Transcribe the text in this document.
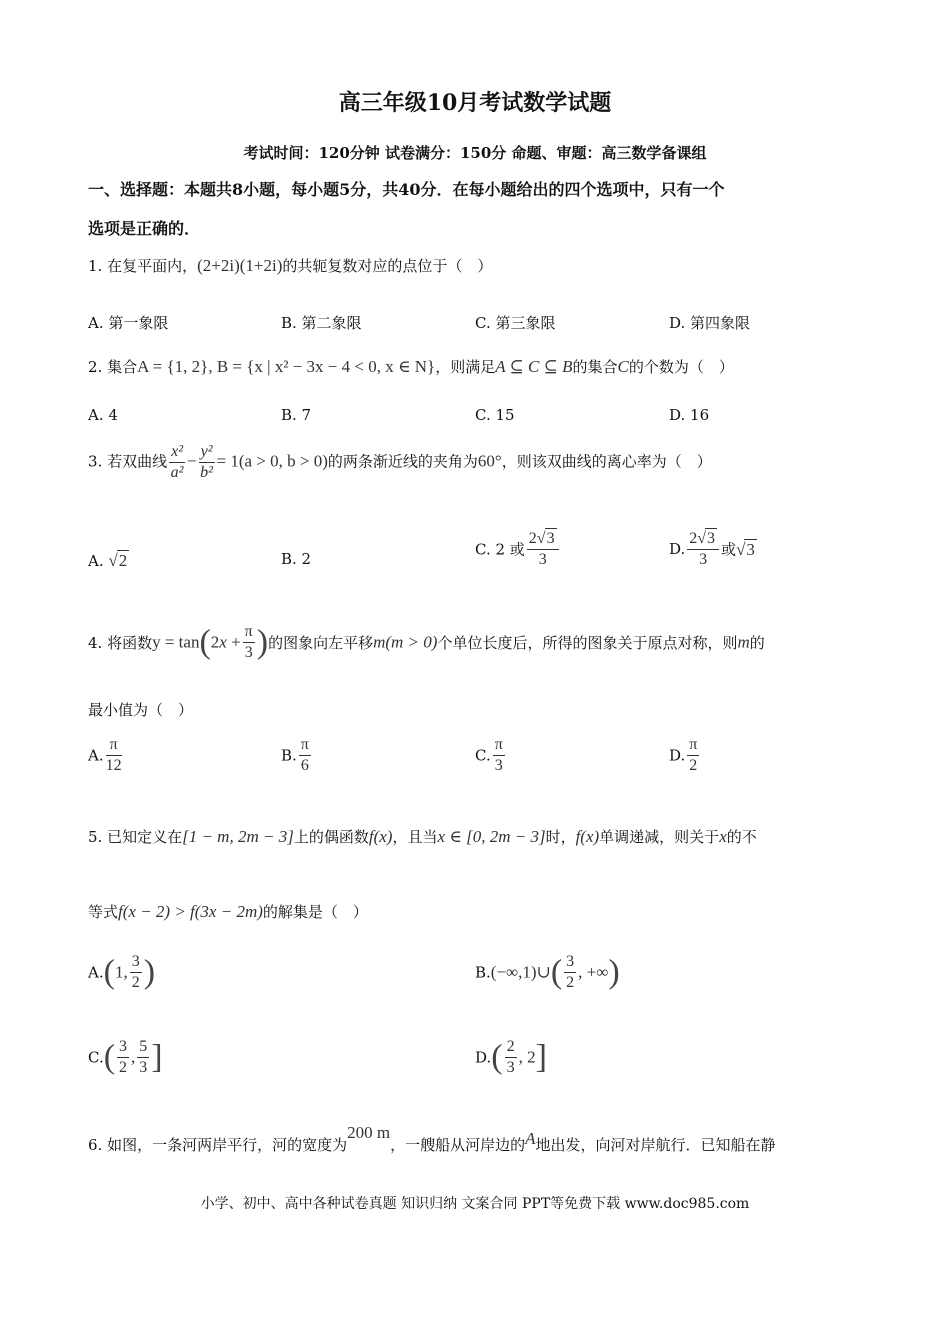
高三年级10月考试数学试题
考试时间：120分钟 试卷满分：150分 命题、审题：高三数学备课组
一、选择题：本题共8小题，每小题5分，共40分．在每小题给出的四个选项中，只有一个
选项是正确的．
1. 在复平面内，(2+2i)(1+2i)的共轭复数对应的点位于（　）
A. 第一象限	B. 第二象限	C. 第三象限	D. 第四象限
2. 集合A = {1, 2}, B = {x | x² − 3x − 4 < 0, x ∈ N}，则满足A ⊆ C ⊆ B的集合C的个数为（　）
A. 4	B. 7	C. 15	D. 16
3. 若双曲线 $\frac{\text{x²}}{\text{a²}} - \frac{\text{y²}}{\text{b²}} = 1(a > 0$, b > 0)的两条渐近线的夹角为60°，则该双曲线的离心率为（　）
A. √2	B. 2
C. 2 或 $\frac{2√3}{3}$	D. $\frac{2√3}{3}$ 或√3
4. 将函数$y = \tan(2x + \frac{\pi}{3}$ )的图象向左平移m(m > 0)个单位长度后，所得的图象关于原点对称，则m的
最小值为（　）
A. $\frac{\pi}{12}$	B. $\frac{\pi}{6}$	C. $\frac{\pi}{3}$	D. $\frac{\pi}{2}$
5. 已知定义在[1 − m, 2m − 3]上的偶函数f(x)，且当x ∈ [0, 2m − 3]时，f(x)单调递减，则关于x的不
等式f(x − 2) > f(3x − 2m)的解集是（　）
A.(1, $\frac{3}{2}$ )	B.(−∞,1)∪( $\frac{3}{2}$ , +∞)
$C.( \frac{3}{2}$ , $\frac{5}{3}$ ]	$D.( \frac{2}{3}$ , 2]
6. 如图，一条河两岸平行，河的宽度为200 m，一艘船从河岸边的A地出发，向河对岸航行．已知船在静
小学、初中、高中各种试卷真题 知识归纳 文案合同 PPT等免费下载 www.doc985.com
